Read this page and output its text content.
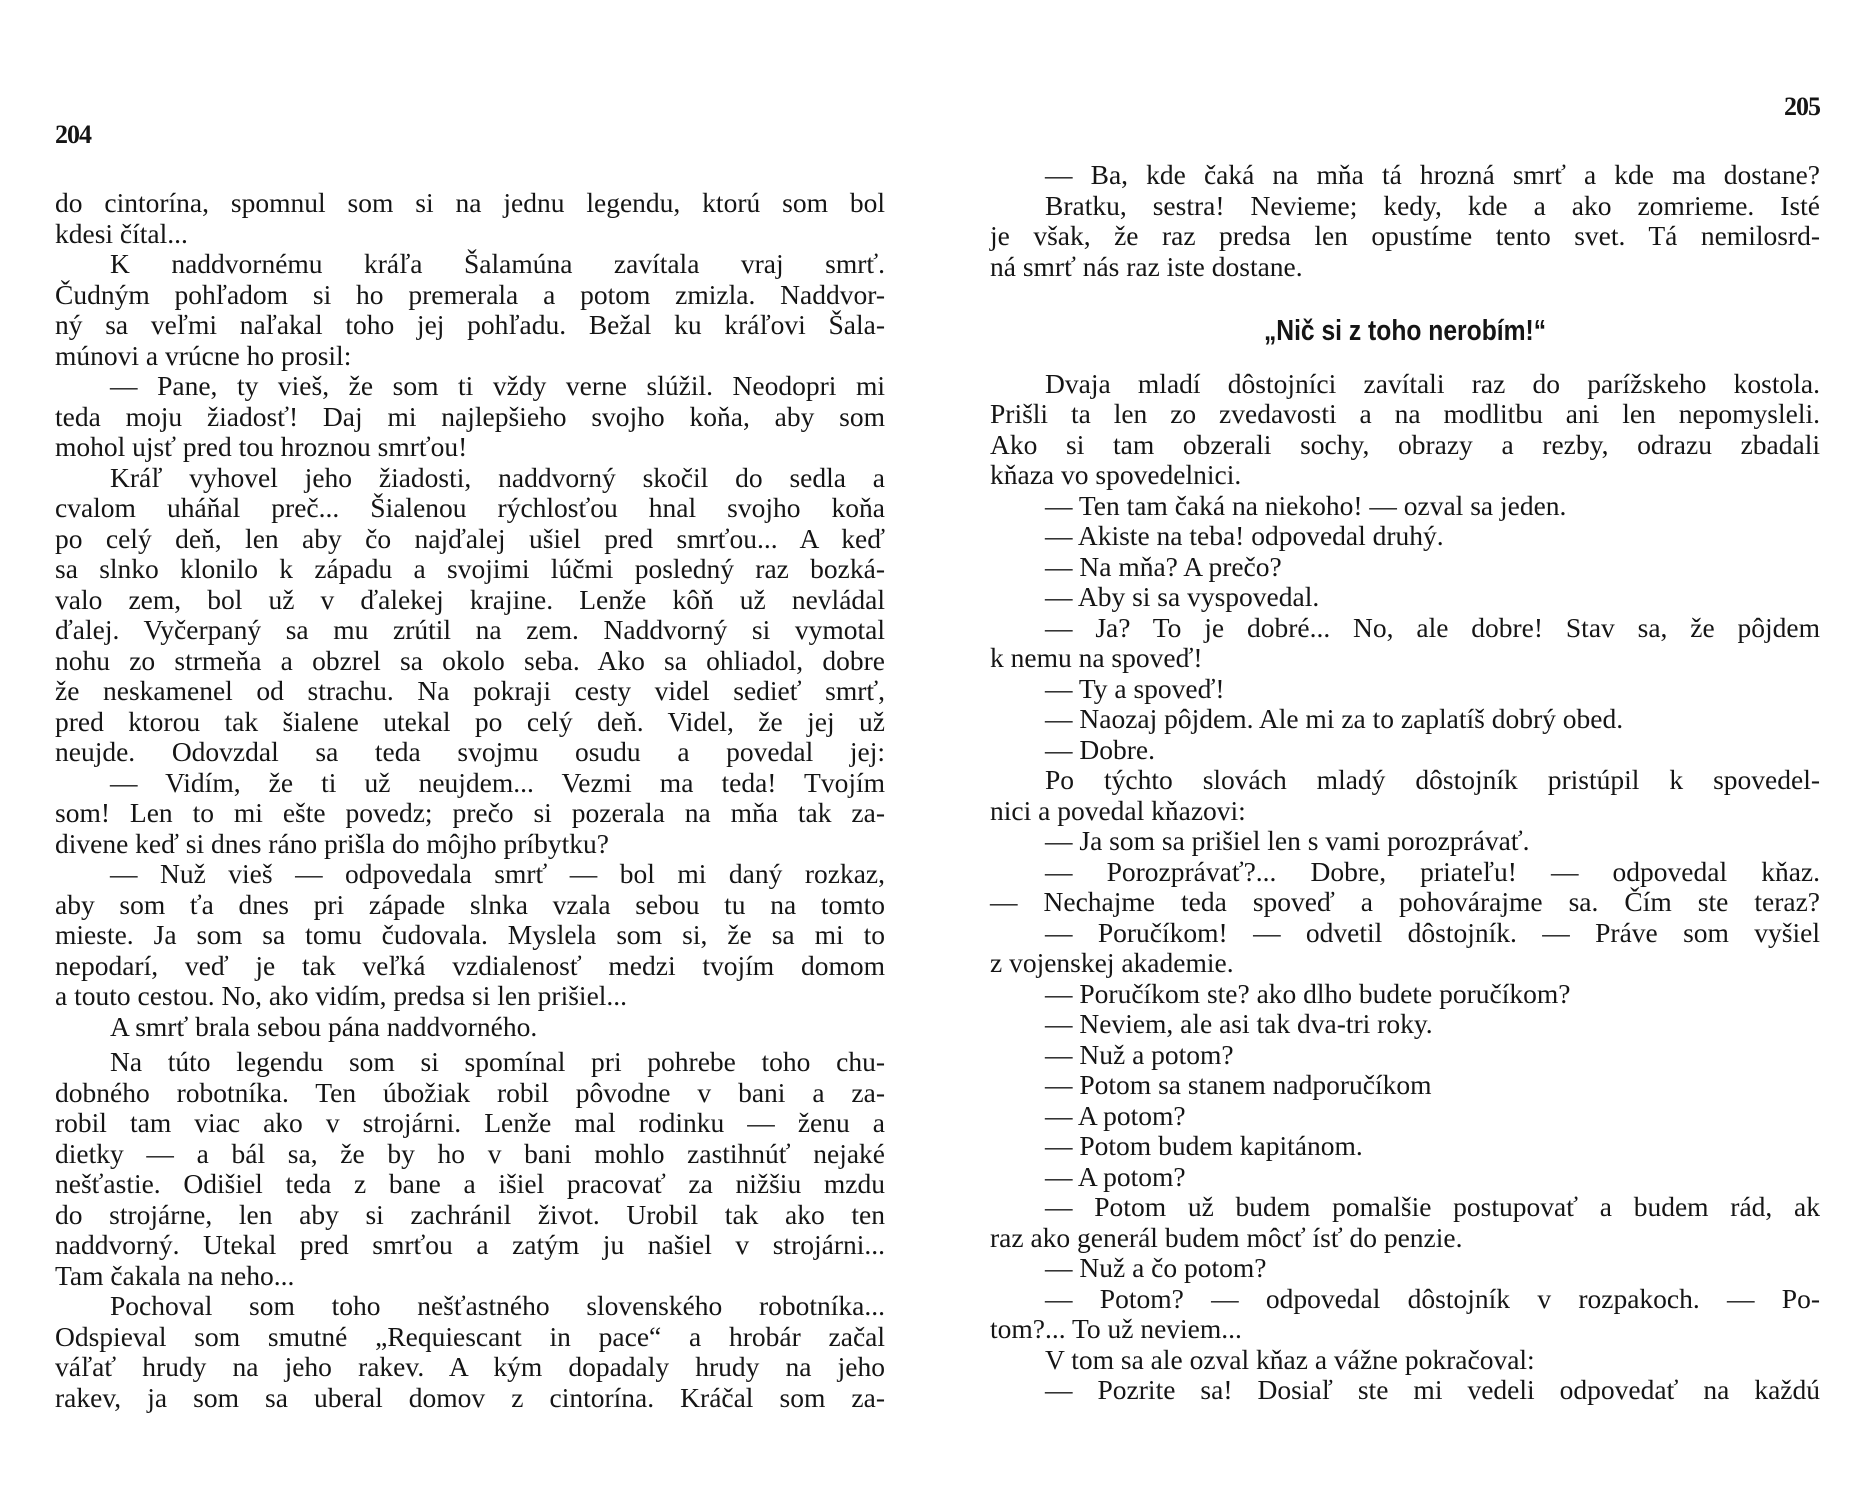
204
do cintorína, spomnul som si na jednu legendu, ktorú som bol
kdesi čítal...
K naddvornému kráľa Šalamúna zavítala vraj smrť.
Čudným pohľadom si ho premerala a potom zmizla. Naddvor-
ný sa veľmi naľakal toho jej pohľadu. Bežal ku kráľovi Šala-
múnovi a vrúcne ho prosil:
— Pane, ty vieš, že som ti vždy verne slúžil. Neodopri mi
teda moju žiadosť! Daj mi najlepšieho svojho koňa, aby som
mohol ujsť pred tou hroznou smrťou!
Kráľ vyhovel jeho žiadosti, naddvorný skočil do sedla a
cvalom uháňal preč... Šialenou rýchlosťou hnal svojho koňa
po celý deň, len aby čo najďalej ušiel pred smrťou... A keď
sa slnko klonilo k západu a svojimi lúčmi posledný raz bozká-
valo zem, bol už v ďalekej krajine. Lenže kôň už nevládal
ďalej. Vyčerpaný sa mu zrútil na zem. Naddvorný si vymotal
nohu zo strmeňa a obzrel sa okolo seba. Ako sa ohliadol, dobre
že neskamenel od strachu. Na pokraji cesty videl sedieť smrť,
pred ktorou tak šialene utekal po celý deň. Videl, že jej už
neujde. Odovzdal sa teda svojmu osudu a povedal jej:
— Vidím, že ti už neujdem... Vezmi ma teda! Tvojím
som! Len to mi ešte povedz; prečo si pozerala na mňa tak za-
divene keď si dnes ráno prišla do môjho príbytku?
— Nuž vieš — odpovedala smrť — bol mi daný rozkaz,
aby som ťa dnes pri západe slnka vzala sebou tu na tomto
mieste. Ja som sa tomu čudovala. Myslela som si, že sa mi to
nepodarí, veď je tak veľká vzdialenosť medzi tvojím domom
a touto cestou. No, ako vidím, predsa si len prišiel...
A smrť brala sebou pána naddvorného.
Na túto legendu som si spomínal pri pohrebe toho chu-
dobného robotníka. Ten úbožiak robil pôvodne v bani a za-
robil tam viac ako v strojárni. Lenže mal rodinku — ženu a
dietky — a bál sa, že by ho v bani mohlo zastihnúť nejaké
nešťastie. Odišiel teda z bane a išiel pracovať za nižšiu mzdu
do strojárne, len aby si zachránil život. Urobil tak ako ten
naddvorný. Utekal pred smrťou a zatým ju našiel v strojárni...
Tam čakala na neho...
Pochoval som toho nešťastného slovenského robotníka...
Odspieval som smutné „Requiescant in pace“ a hrobár začal
váľať hrudy na jeho rakev. A kým dopadaly hrudy na jeho
rakev, ja som sa uberal domov z cintorína. Kráčal som za-
205
— Ba, kde čaká na mňa tá hrozná smrť a kde ma dostane?
Bratku, sestra! Nevieme; kedy, kde a ako zomrieme. Isté
je však, že raz predsa len opustíme tento svet. Tá nemilosrd-
ná smrť nás raz iste dostane.
„Nič si z toho nerobím!“
Dvaja mladí dôstojníci zavítali raz do parížskeho kostola.
Prišli ta len zo zvedavosti a na modlitbu ani len nepomysleli.
Ako si tam obzerali sochy, obrazy a rezby, odrazu zbadali
kňaza vo spovedelnici.
— Ten tam čaká na niekoho! — ozval sa jeden.
— Akiste na teba! odpovedal druhý.
— Na mňa? A prečo?
— Aby si sa vyspovedal.
— Ja? To je dobré... No, ale dobre! Stav sa, že pôjdem
k nemu na spoveď!
— Ty a spoveď!
— Naozaj pôjdem. Ale mi za to zaplatíš dobrý obed.
— Dobre.
Po týchto slovách mladý dôstojník pristúpil k spovedel-
nici a povedal kňazovi:
— Ja som sa prišiel len s vami porozprávať.
— Porozprávať?... Dobre, priateľu! — odpovedal kňaz.
— Nechajme teda spoveď a pohovárajme sa. Čím ste teraz?
— Poručíkom! — odvetil dôstojník. — Práve som vyšiel
z vojenskej akademie.
— Poručíkom ste? ako dlho budete poručíkom?
— Neviem, ale asi tak dva-tri roky.
— Nuž a potom?
— Potom sa stanem nadporučíkom
— A potom?
— Potom budem kapitánom.
— A potom?
— Potom už budem pomalšie postupovať a budem rád, ak
raz ako generál budem môcť ísť do penzie.
— Nuž a čo potom?
— Potom? — odpovedal dôstojník v rozpakoch. — Po-
tom?... To už neviem...
V tom sa ale ozval kňaz a vážne pokračoval:
— Pozrite sa! Dosiaľ ste mi vedeli odpovedať na každú
